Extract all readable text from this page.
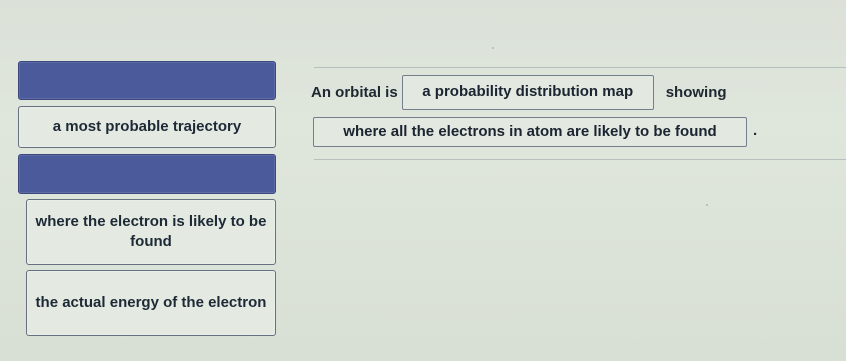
a most probable trajectory
where the electron is likely to be found
the actual energy of the electron
An orbital is	a probability distribution map	showing
where all the electrons in atom are likely to be found	.
